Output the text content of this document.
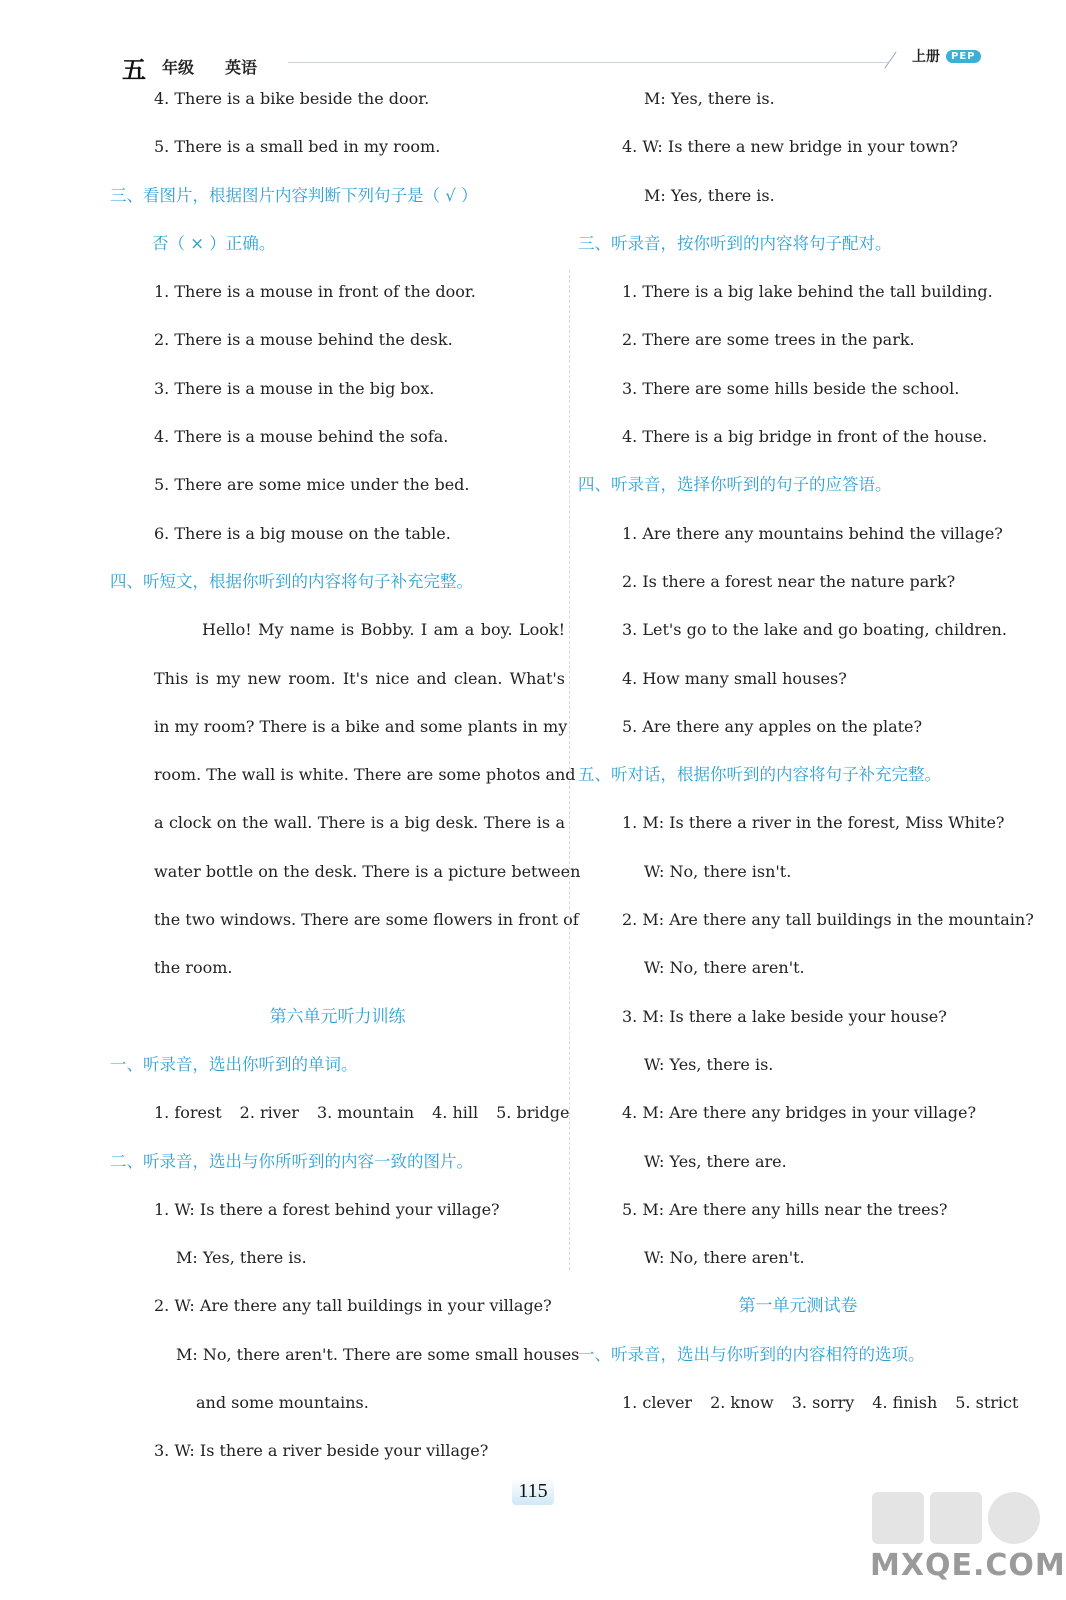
五 年级 英语
上册	PEP
4. There is a bike beside the door.
5. There is a small bed in my room.
三、看图片，根据图片内容判断下列句子是（ √ ）
否（ × ）正确。
1. There is a mouse in front of the door.
2. There is a mouse behind the desk.
3. There is a mouse in the big box.
4. There is a mouse behind the sofa.
5. There are some mice under the bed.
6. There is a big mouse on the table.
四、听短文，根据你听到的内容将句子补充完整。
Hello! My name is Bobby. I am a boy. Look!
This is my new room. It's nice and clean. What's
in my room? There is a bike and some plants in my
room. The wall is white. There are some photos and
a clock on the wall. There is a big desk. There is a
water bottle on the desk. There is a picture between
the two windows. There are some flowers in front of
the room.
第六单元听力训练
一、听录音，选出你听到的单词。
1. forest 2. river 3. mountain 4. hill 5. bridge
二、听录音，选出与你所听到的内容一致的图片。
1. W: Is there a forest behind your village?
M: Yes, there is.
2. W: Are there any tall buildings in your village?
M: No, there aren't. There are some small houses
and some mountains.
3. W: Is there a river beside your village?
M: Yes, there is.
4. W: Is there a new bridge in your town?
M: Yes, there is.
三、听录音，按你听到的内容将句子配对。
1. There is a big lake behind the tall building.
2. There are some trees in the park.
3. There are some hills beside the school.
4. There is a big bridge in front of the house.
四、听录音，选择你听到的句子的应答语。
1. Are there any mountains behind the village?
2. Is there a forest near the nature park?
3. Let's go to the lake and go boating, children.
4. How many small houses?
5. Are there any apples on the plate?
五、听对话，根据你听到的内容将句子补充完整。
1. M: Is there a river in the forest, Miss White?
W: No, there isn't.
2. M: Are there any tall buildings in the mountain?
W: No, there aren't.
3. M: Is there a lake beside your house?
W: Yes, there is.
4. M: Are there any bridges in your village?
W: Yes, there are.
5. M: Are there any hills near the trees?
W: No, there aren't.
第一单元测试卷
一、听录音，选出与你听到的内容相符的选项。
1. clever 2. know 3. sorry 4. finish 5. strict
115
MXQE.COM
